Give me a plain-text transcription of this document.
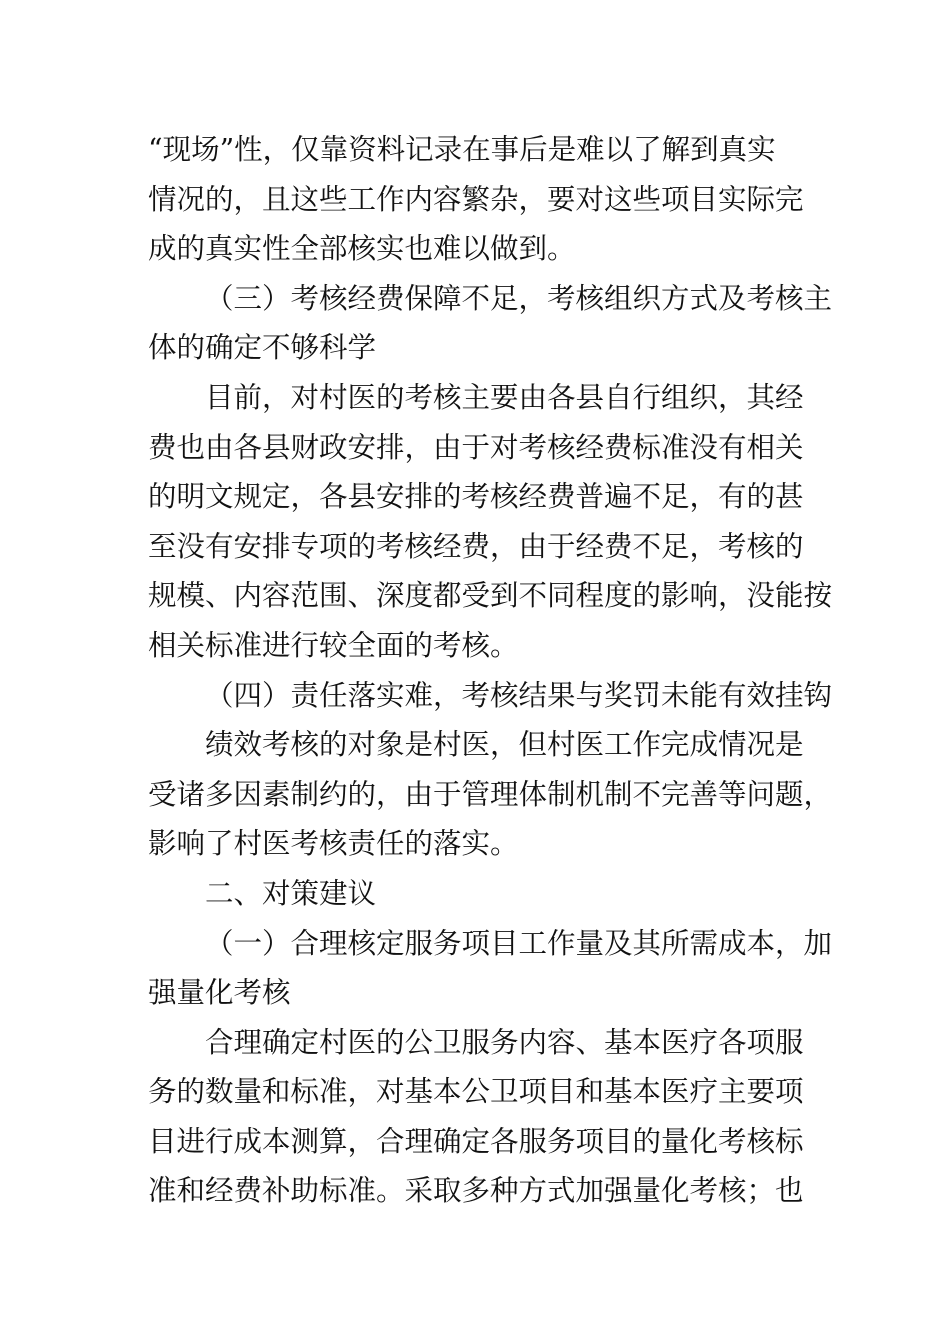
“现场”性，仅靠资料记录在事后是难以了解到真实
情况的，且这些工作内容繁杂，要对这些项目实际完
成的真实性全部核实也难以做到。
（三）考核经费保障不足，考核组织方式及考核主
体的确定不够科学
目前，对村医的考核主要由各县自行组织，其经
费也由各县财政安排，由于对考核经费标准没有相关
的明文规定，各县安排的考核经费普遍不足，有的甚
至没有安排专项的考核经费，由于经费不足，考核的
规模、内容范围、深度都受到不同程度的影响，没能按
相关标准进行较全面的考核。
（四）责任落实难，考核结果与奖罚未能有效挂钩
绩效考核的对象是村医，但村医工作完成情况是
受诸多因素制约的，由于管理体制机制不完善等问题，
影响了村医考核责任的落实。
二、对策建议
（一）合理核定服务项目工作量及其所需成本，加
强量化考核
合理确定村医的公卫服务内容、基本医疗各项服
务的数量和标准，对基本公卫项目和基本医疗主要项
目进行成本测算，合理确定各服务项目的量化考核标
准和经费补助标准。采取多种方式加强量化考核；也
